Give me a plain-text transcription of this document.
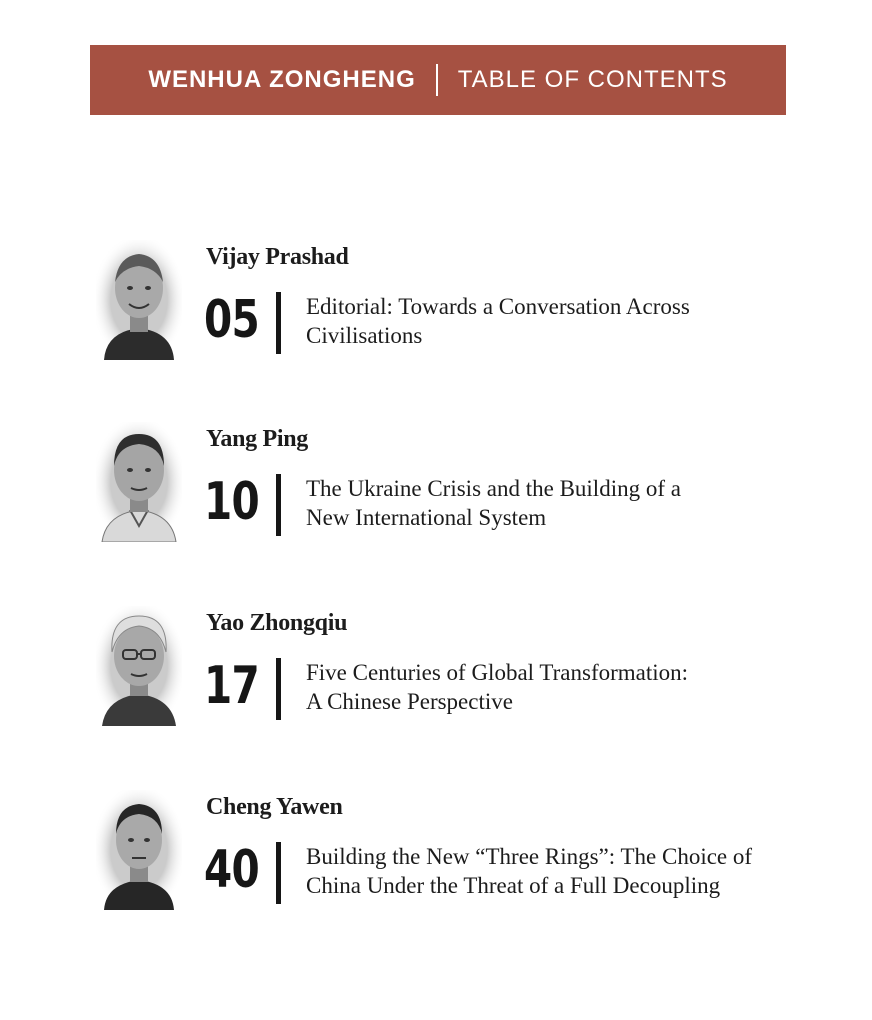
WENHUA ZONGHENG TABLE OF CONTENTS
Vijay Prashad
05 Editorial: Towards a Conversation Across
Civilisations
Yang Ping
10 The Ukraine Crisis and the Building of a
New International System
Yao Zhongqiu
17 Five Centuries of Global Transformation:
A Chinese Perspective
Cheng Yawen
40 Building the New “Three Rings”: The Choice of
China Under the Threat of a Full Decoupling
